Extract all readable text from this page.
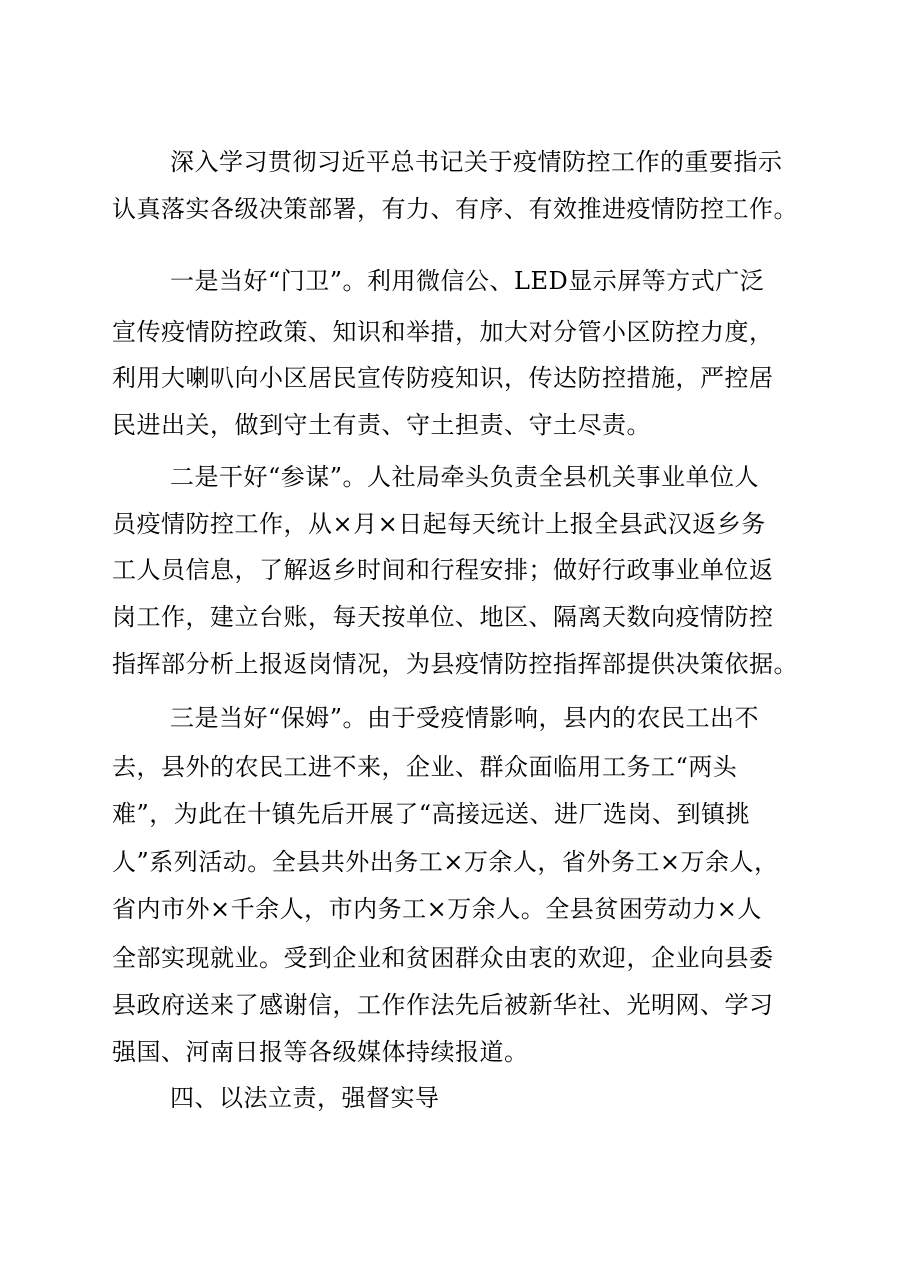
深入学习贯彻习近平总书记关于疫情防控工作的重要指示
认真落实各级决策部署，有力、有序、有效推进疫情防控工作。
一是当好“门卫”。利用微信公、LED显示屏等方式广泛
宣传疫情防控政策、知识和举措，加大对分管小区防控力度，
利用大喇叭向小区居民宣传防疫知识，传达防控措施，严控居
民进出关，做到守土有责、守土担责、守土尽责。
二是干好“参谋”。人社局牵头负责全县机关事业单位人
员疫情防控工作，从×月×日起每天统计上报全县武汉返乡务
工人员信息，了解返乡时间和行程安排；做好行政事业单位返
岗工作，建立台账，每天按单位、地区、隔离天数向疫情防控
指挥部分析上报返岗情况，为县疫情防控指挥部提供决策依据。
三是当好“保姆”。由于受疫情影响，县内的农民工出不
去，县外的农民工进不来，企业、群众面临用工务工“两头
难”，为此在十镇先后开展了“高接远送、进厂选岗、到镇挑
人”系列活动。全县共外出务工×万余人，省外务工×万余人，
省内市外×千余人，市内务工×万余人。全县贫困劳动力×人
全部实现就业。受到企业和贫困群众由衷的欢迎，企业向县委
县政府送来了感谢信，工作作法先后被新华社、光明网、学习
强国、河南日报等各级媒体持续报道。
四、以法立责，强督实导
